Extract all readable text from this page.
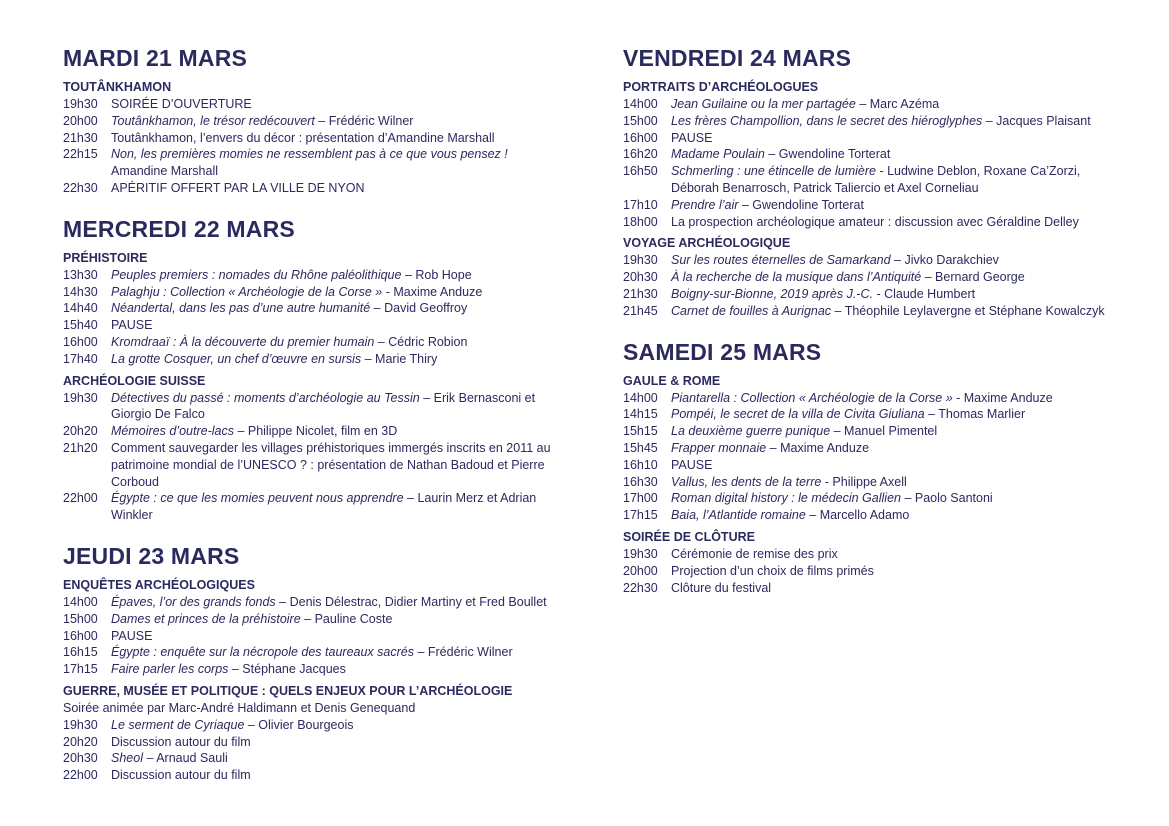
MARDI 21 MARS
TOUTÂNKHAMON
19h30	SOIRÉE D’OUVERTURE
20h00	Toutânkhamon, le trésor redécouvert – Frédéric Wilner
21h30	Toutânkhamon, l’envers du décor : présentation d’Amandine Marshall
22h15	Non, les premières momies ne ressemblent pas à ce que vous pensez ! Amandine Marshall
22h30	APÉRITIF OFFERT PAR LA VILLE DE NYON
MERCREDI 22 MARS
PRÉHISTOIRE
13h30	Peuples premiers : nomades du Rhône paléolithique – Rob Hope
14h30	Palaghju : Collection « Archéologie de la Corse » - Maxime Anduze
14h40	Néandertal, dans les pas d’une autre humanité – David Geoffroy
15h40	PAUSE
16h00	Kromdraaï : À la découverte du premier humain – Cédric Robion
17h40	La grotte Cosquer, un chef d’œuvre en sursis – Marie Thiry
ARCHÉOLOGIE SUISSE
19h30	Détectives du passé : moments d’archéologie au Tessin – Erik Bernasconi et Giorgio De Falco
20h20	Mémoires d’outre-lacs – Philippe Nicolet, film en 3D
21h20	Comment sauvegarder les villages préhistoriques immergés inscrits en 2011 au patrimoine mondial de l’UNESCO ? : présentation de Nathan Badoud et Pierre Corboud
22h00	Égypte : ce que les momies peuvent nous apprendre – Laurin Merz et Adrian Winkler
JEUDI 23 MARS
ENQUÊTES ARCHÉOLOGIQUES
14h00	Épaves, l’or des grands fonds – Denis Délestrac, Didier Martiny et Fred Boullet
15h00	Dames et princes de la préhistoire – Pauline Coste
16h00	PAUSE
16h15	Égypte : enquête sur la nécropole des taureaux sacrés – Frédéric Wilner
17h15	Faire parler les corps – Stéphane Jacques
GUERRE, MUSÉE ET POLITIQUE : QUELS ENJEUX POUR L’ARCHÉOLOGIE
Soirée animée par Marc-André Haldimann et Denis Genequand
19h30	Le serment de Cyriaque – Olivier Bourgeois
20h20	Discussion autour du film
20h30	Sheol – Arnaud Sauli
22h00	Discussion autour du film
VENDREDI 24 MARS
PORTRAITS D’ARCHÉOLOGUES
14h00	Jean Guilaine ou la mer partagée – Marc Azéma
15h00	Les frères Champollion, dans le secret des hiéroglyphes – Jacques Plaisant
16h00	PAUSE
16h20	Madame Poulain – Gwendoline Torterat
16h50	Schmerling : une étincelle de lumière - Ludwine Deblon, Roxane Ca’Zorzi, Déborah Benarrosch, Patrick Taliercio et Axel Corneliau
17h10	Prendre l’air – Gwendoline Torterat
18h00	La prospection archéologique amateur : discussion avec Géraldine Delley
VOYAGE ARCHÉOLOGIQUE
19h30	Sur les routes éternelles de Samarkand – Jivko Darakchiev
20h30	À la recherche de la musique dans l’Antiquité – Bernard George
21h30	Boigny-sur-Bionne, 2019 après J.-C. - Claude Humbert
21h45	Carnet de fouilles à Aurignac – Théophile Leylavergne et Stéphane Kowalczyk
SAMEDI 25 MARS
GAULE & ROME
14h00	Piantarella : Collection « Archéologie de la Corse » - Maxime Anduze
14h15	Pompéi, le secret de la villa de Civita Giuliana – Thomas Marlier
15h15	La deuxième guerre punique – Manuel Pimentel
15h45	Frapper monnaie – Maxime Anduze
16h10	PAUSE
16h30	Vallus, les dents de la terre - Philippe Axell
17h00	Roman digital history : le médecin Gallien – Paolo Santoni
17h15	Baia, l’Atlantide romaine – Marcello Adamo
SOIRÉE DE CLÔTURE
19h30	Cérémonie de remise des prix
20h00	Projection d’un choix de films primés
22h30	Clôture du festival
